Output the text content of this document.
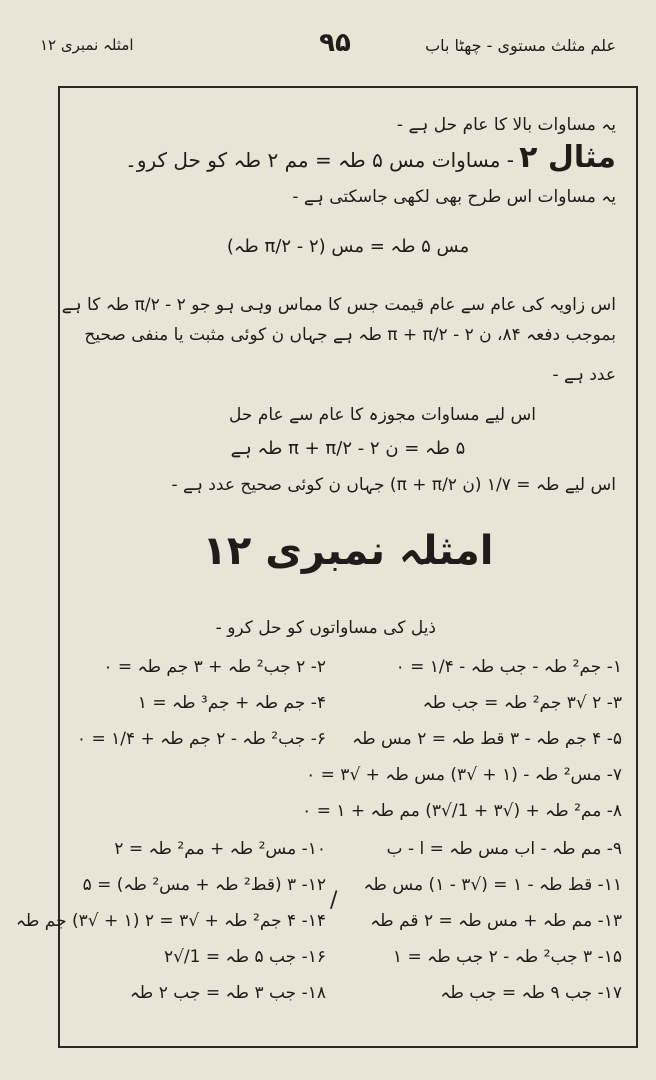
امثلہ نمبری ۱۲	۹۵	علم مثلث مستوی - چھٹا باب
یہ مساوات بالا کا عام حل ہے -
مثال ۲ - مساوات مس ۵ طہ = مم ۲ طہ کو حل کرو۔
یہ مساوات اس طرح بھی لکھی جاسکتی ہے -
مس ۵ طہ = مس (π/۲ - ۲ طہ)
اس زاویہ کی عام سے عام قیمت جس کا مماس وہی ہو جو π/۲ - ۲ طہ کا ہے
بموجب دفعہ ۸۴، ن π + π/۲ - ۲ طہ ہے جہاں ن کوئی مثبت یا منفی صحیح
عدد ہے -
اس لیے مساوات مجوزہ کا عام سے عام حل
۵ طہ = ن π + π/۲ - ۲ طہ ہے
اس لیے طہ = ۱/۷ (ن π + π/۲) جہاں ن کوئی صحیح عدد ہے -
امثلہ نمبری ۱۲
ذیل کی مساواتوں کو حل کرو -
۱- جم² طہ - جب طہ - ۱/۴ = ۰
۲- ۲ جب² طہ + ۳ جم طہ = ۰
۳- ۲ √۳ جم² طہ = جب طہ
۴- جم طہ + جم³ طہ = ۱
۵- ۴ جم طہ - ۳ قط طہ = ۲ مس طہ
۶- جب² طہ - ۲ جم طہ + ۱/۴ = ۰
۷- مس² طہ - (۱ + √۳) مس طہ + √۳ = ۰
۸- مم² طہ + (√۳ + 1/√۳) مم طہ + ۱ = ۰
۹- مم طہ - اب مس طہ = ا - ب
۱۰- مس² طہ + مم² طہ = ۲
۱۱- قط طہ - ۱ = (√۳ - ۱) مس طہ
۱۲- ۳ (قط² طہ + مس² طہ) = ۵
۱۳- مم طہ + مس طہ = ۲ قم طہ
۱۴- ۴ جم² طہ + √۳ = ۲ (۱ + √۳) جم طہ
۱۵- ۳ جب² طہ - ۲ جب طہ = ۱
۱۶- جب ۵ طہ = 1/√۲
۱۷- جب ۹ طہ = جب طہ
۱۸- جب ۳ طہ = جب ۲ طہ
/
